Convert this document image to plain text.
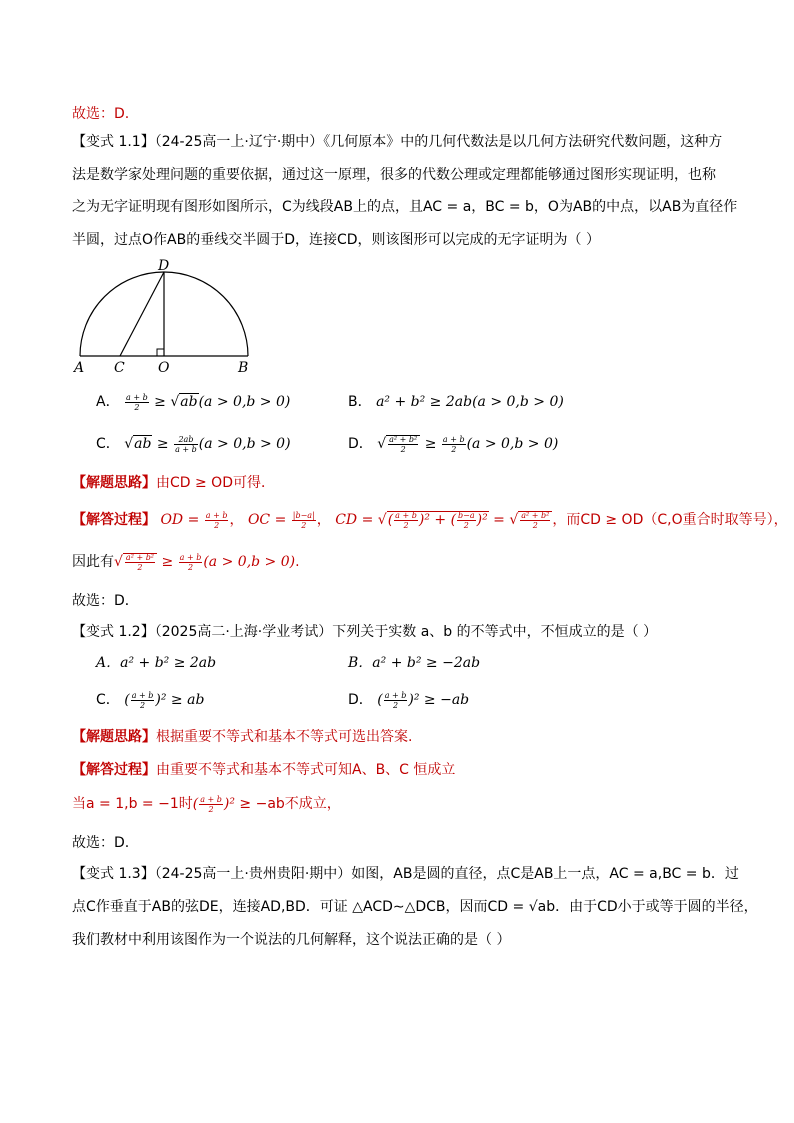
故选：D.
【变式 1.1】（24-25高一上·辽宁·期中）《几何原本》中的几何代数法是以几何方法研究代数问题，这种方
法是数学家处理问题的重要依据，通过这一原理，很多的代数公理或定理都能够通过图形实现证明，也称
之为无字证明现有图形如图所示，C为线段AB上的点，且AC = a，BC = b，O为AB的中点，以AB为直径作
半圆，过点O作AB的垂线交半圆于D，连接CD，则该图形可以完成的无字证明为（ ）
A C O	B
D
A． $\frac{a + b}{2} \ge √ab(a > 0,b > 0)$	B． a² + b² ≥ 2ab(a > 0,b > 0)
C． $√ab \ge \frac{2ab}{a + b} (a > 0,b > 0)$	D． √ $\frac{\text{a² + b²}}{2} \ge \frac{a + b}{2} (a > 0,b > 0)$
【解题思路】由CD ≥ OD可得．
【解答过程】 OD = $\frac{a + b}{2}$ ， OC = $\frac{|b-a|}{2}$ ， CD = √( $\frac{a + b}{2} )^2$ + ( $\frac{b-a}{2} )^2$ = √ $\frac{\text{a² + b²}}{2}$ ，而CD ≥ OD（C,O重合时取等号），
因此有√ $\frac{\text{a² + b²}}{2} \ge \frac{a + b}{2} (a > 0,b > 0)$.
故选：D．
【变式 1.2】（2025高二·上海·学业考试）下列关于实数 a、b 的不等式中，不恒成立的是（ ）
A．a² + b² ≥ 2ab	B．a² + b² ≥ −2ab
C． ( $\frac{a + b}{2} )^2$ ≥ ab	D． ( $\frac{a + b}{2} )^2 \ge -ab$
【解题思路】根据重要不等式和基本不等式可选出答案.
【解答过程】由重要不等式和基本不等式可知A、B、C 恒成立
当a = 1,b = −1时( $\frac{a + b}{2} )^2 \ge -ab$不成立，
故选：D.
【变式 1.3】（24-25高一上·贵州贵阳·期中）如图，AB是圆的直径，点C是AB上一点，AC = a,BC = b．过
点C作垂直于AB的弦DE，连接AD,BD．可证 △ACD∼△DCB，因而CD = √ab．由于CD小于或等于圆的半径，
我们教材中利用该图作为一个说法的几何解释，这个说法正确的是（ ）
